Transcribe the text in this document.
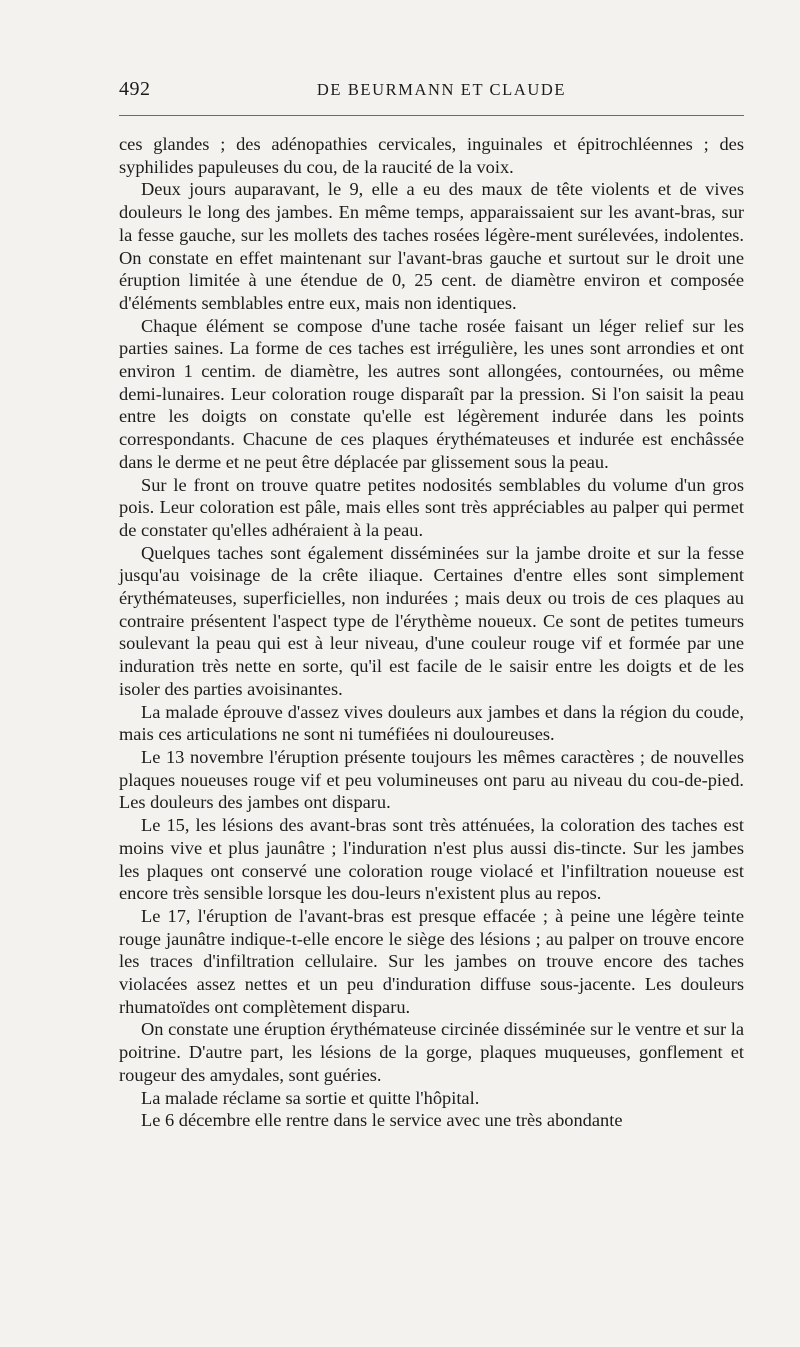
492	DE BEURMANN ET CLAUDE

ces glandes ; des adénopathies cervicales, inguinales et épitrochléennes ; des syphilides papuleuses du cou, de la raucité de la voix.

Deux jours auparavant, le 9, elle a eu des maux de tête violents et de vives douleurs le long des jambes. En même temps, apparaissaient sur les avant-bras, sur la fesse gauche, sur les mollets des taches rosées légère-ment surélevées, indolentes. On constate en effet maintenant sur l'avant-bras gauche et surtout sur le droit une éruption limitée à une étendue de 0, 25 cent. de diamètre environ et composée d'éléments semblables entre eux, mais non identiques.

Chaque élément se compose d'une tache rosée faisant un léger relief sur les parties saines. La forme de ces taches est irrégulière, les unes sont arrondies et ont environ 1 centim. de diamètre, les autres sont allongées, contournées, ou même demi-lunaires. Leur coloration rouge disparaît par la pression. Si l'on saisit la peau entre les doigts on constate qu'elle est légèrement indurée dans les points correspondants. Chacune de ces plaques érythémateuses et indurée est enchâssée dans le derme et ne peut être déplacée par glissement sous la peau.

Sur le front on trouve quatre petites nodosités semblables du volume d'un gros pois. Leur coloration est pâle, mais elles sont très appréciables au palper qui permet de constater qu'elles adhéraient à la peau.

Quelques taches sont également disséminées sur la jambe droite et sur la fesse jusqu'au voisinage de la crête iliaque. Certaines d'entre elles sont simplement érythémateuses, superficielles, non indurées ; mais deux ou trois de ces plaques au contraire présentent l'aspect type de l'érythème noueux. Ce sont de petites tumeurs soulevant la peau qui est à leur niveau, d'une couleur rouge vif et formée par une induration très nette en sorte, qu'il est facile de le saisir entre les doigts et de les isoler des parties avoisinantes.

La malade éprouve d'assez vives douleurs aux jambes et dans la région du coude, mais ces articulations ne sont ni tuméfiées ni douloureuses.

Le 13 novembre l'éruption présente toujours les mêmes caractères ; de nouvelles plaques noueuses rouge vif et peu volumineuses ont paru au niveau du cou-de-pied. Les douleurs des jambes ont disparu.

Le 15, les lésions des avant-bras sont très atténuées, la coloration des taches est moins vive et plus jaunâtre ; l'induration n'est plus aussi dis-tincte. Sur les jambes les plaques ont conservé une coloration rouge violacé et l'infiltration noueuse est encore très sensible lorsque les dou-leurs n'existent plus au repos.

Le 17, l'éruption de l'avant-bras est presque effacée ; à peine une légère teinte rouge jaunâtre indique-t-elle encore le siège des lésions ; au palper on trouve encore les traces d'infiltration cellulaire. Sur les jambes on trouve encore des taches violacées assez nettes et un peu d'induration diffuse sous-jacente. Les douleurs rhumatoïdes ont complètement disparu.

On constate une éruption érythémateuse circinée disséminée sur le ventre et sur la poitrine. D'autre part, les lésions de la gorge, plaques muqueuses, gonflement et rougeur des amydales, sont guéries.

La malade réclame sa sortie et quitte l'hôpital.

Le 6 décembre elle rentre dans le service avec une très abondante
